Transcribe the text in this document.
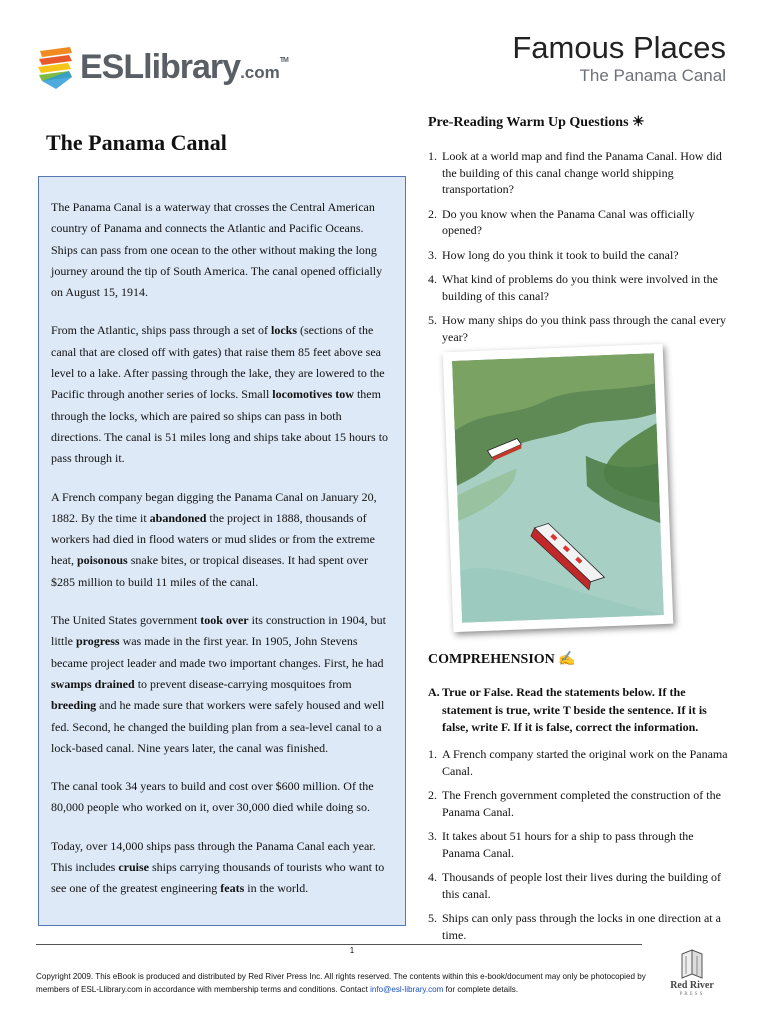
ESLlibrary.com™	Famous Places
The Panama Canal
The Panama Canal

The Panama Canal is a waterway that crosses the Central American country of Panama and connects the Atlantic and Pacific Oceans. Ships can pass from one ocean to the other without making the long journey around the tip of South America. The canal opened officially on August 15, 1914.

From the Atlantic, ships pass through a set of locks (sections of the canal that are closed off with gates) that raise them 85 feet above sea level to a lake. After passing through the lake, they are lowered to the Pacific through another series of locks. Small locomotives tow them through the locks, which are paired so ships can pass in both directions. The canal is 51 miles long and ships take about 15 hours to pass through it.

A French company began digging the Panama Canal on January 20, 1882. By the time it abandoned the project in 1888, thousands of workers had died in flood waters or mud slides or from the extreme heat, poisonous snake bites, or tropical diseases. It had spent over $285 million to build 11 miles of the canal.

The United States government took over its construction in 1904, but little progress was made in the first year. In 1905, John Stevens became project leader and made two important changes. First, he had swamps drained to prevent disease-carrying mosquitoes from breeding and he made sure that workers were safely housed and well fed. Second, he changed the building plan from a sea-level canal to a lock-based canal. Nine years later, the canal was finished.

The canal took 34 years to build and cost over $600 million. Of the 80,000 people who worked on it, over 30,000 died while doing so.

Today, over 14,000 ships pass through the Panama Canal each year. This includes cruise ships carrying thousands of tourists who want to see one of the greatest engineering feats in the world.

Pre-Reading Warm Up Questions ☀
1. Look at a world map and find the Panama Canal. How did the building of this canal change world shipping transportation?
2. Do you know when the Panama Canal was officially opened?
3. How long do you think it took to build the canal?
4. What kind of problems do you think were involved in the building of this canal?
5. How many ships do you think pass through the canal every year?
COMPREHENSION ✍
A. True or False. Read the statements below. If the statement is true, write T beside the sentence. If it is false, write F. If it is false, correct the information.
1. A French company started the original work on the Panama Canal.
2. The French government completed the construction of the Panama Canal.
3. It takes about 51 hours for a ship to pass through the Panama Canal.
4. Thousands of people lost their lives during the building of this canal.
5. Ships can only pass through the locks in one direction at a time.
1
Copyright 2009. This eBook is produced and distributed by Red River Press Inc. All rights reserved. The contents within this e-book/document may only be photocopied by members of ESL-Llibrary.com in accordance with membership terms and conditions. Contact info@esl-library.com for complete details.	Red River
PRESS
